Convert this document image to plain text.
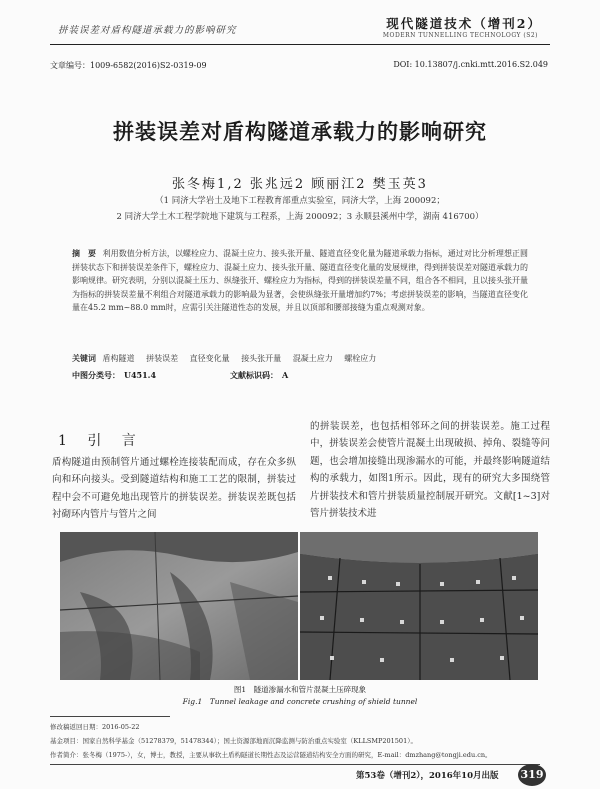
拼装误差对盾构隧道承载力的影响研究	现代隧道技术（增刊2）
MODERN TUNNELLING TECHNOLOGY (S2)
文章编号：1009-6582(2016)S2-0319-09	DOI: 10.13807/j.cnki.mtt.2016.S2.049
拼装误差对盾构隧道承载力的影响研究
张冬梅1,2 张兆远2 顾丽江2 樊玉英3
（1 同济大学岩土及地下工程教育部重点实验室，同济大学，上海 200092；
2 同济大学土木工程学院地下建筑与工程系，上海 200092；3 永顺县溪州中学，湖南 416700）
摘　要 利用数值分析方法，以螺栓应力、混凝土应力、接头张开量、隧道直径变化量为隧道承载力指标，通过对比分析理想正圆拼装状态下和拼装误差条件下，螺栓应力、混凝土应力、接头张开量、隧道直径变化量的发展规律，得到拼装误差对隧道承载力的影响规律。研究表明，分别以混凝土压力、纵缝张开、螺栓应力为指标，得到的拼装误差量不同，组合各不相同，且以接头张开量为指标的拼装误差量不利组合对隧道承载力的影响最为显著，会使纵缝张开量增加约7%；考虑拼装误差的影响，当隧道直径变化量在45.2 mm~88.0 mm时，应需引关注隧道性态的发展，并且以顶部和腰部接缝为重点观测对象。
关键词 盾构隧道 拼装误差 直径变化量 接头张开量 混凝土应力 螺栓应力
中图分类号： U451.4	文献标识码： A
1 引 言
盾构隧道由预制管片通过螺栓连接装配而成，存在众多纵向和环向接头。受到隧道结构和施工工艺的限制，拼装过程中会不可避免地出现管片的拼装误差。拼装误差既包括衬砌环内管片与管片之间
的拼装误差，也包括相邻环之间的拼装误差。施工过程中，拼装误差会使管片混凝土出现破损、掉角、裂缝等问题，也会增加接缝出现渗漏水的可能，并最终影响隧道结构的承载力，如图1所示。因此，现有的研究大多围绕管片拼装技术和管片拼装质量控制展开研究。文献[1~3]对管片拼装技术进
图1　隧道渗漏水和管片混凝土压碎现象
Fig.1　Tunnel leakage and concrete crushing of shield tunnel
修改稿返回日期：2016-05-22
基金项目：国家自然科学基金（51278379，51478344）；国土资源部地面沉降监测与防治重点实验室（KLLSMP201501）。
作者简介：张冬梅（1975-），女，博士，教授，主要从事软土盾构隧道长期性态及运营隧道结构安全方面的研究，E-mail：dmzhang@tongji.edu.cn。
第53卷（增刊2），2016年10月出版 319
